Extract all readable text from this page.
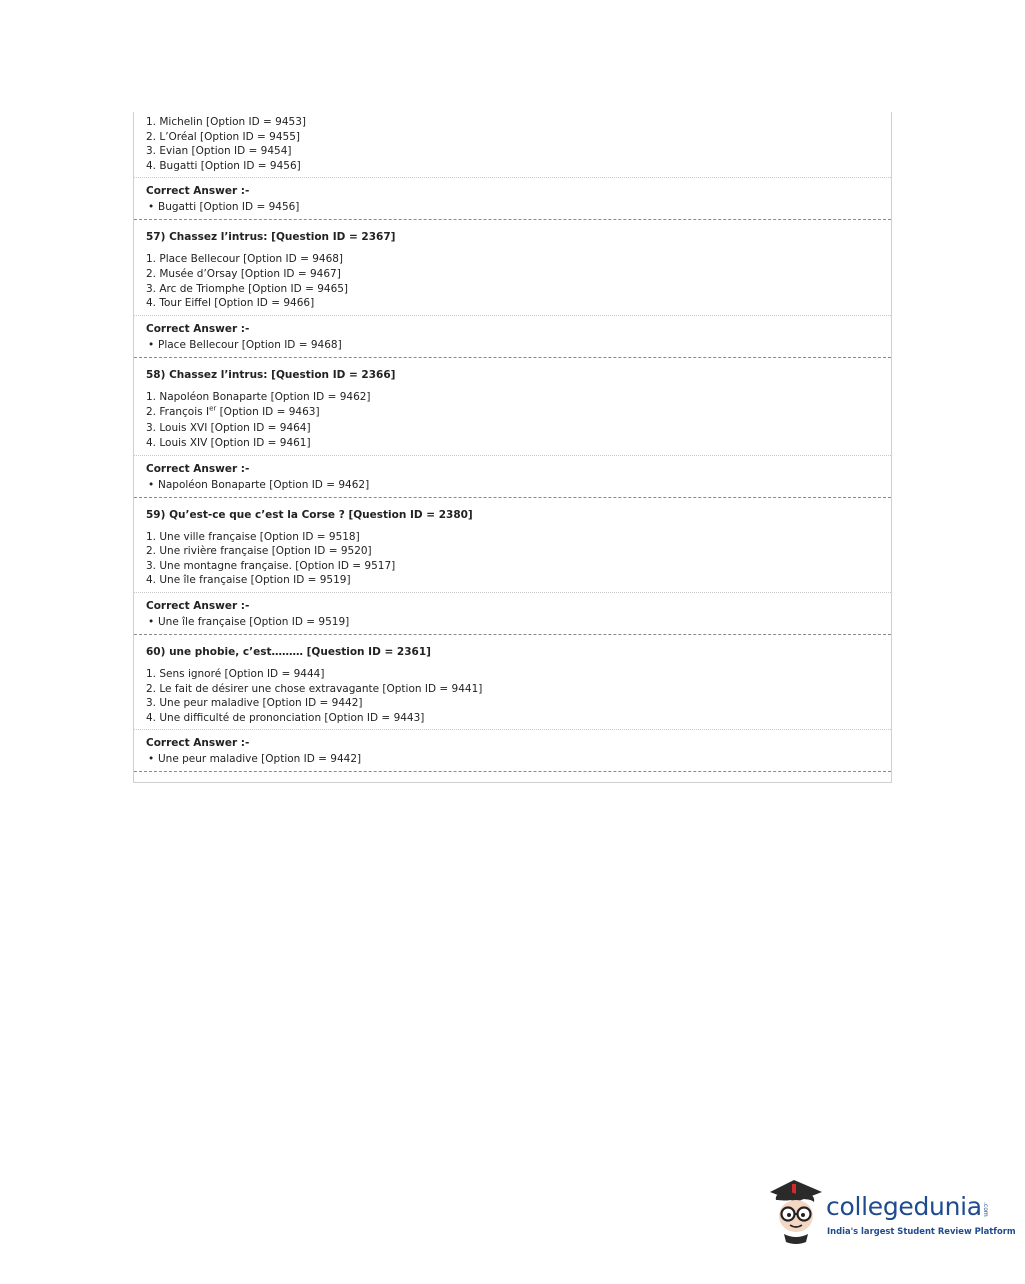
1. Michelin [Option ID = 9453]
2. L’Oréal [Option ID = 9455]
3. Evian [Option ID = 9454]
4. Bugatti [Option ID = 9456]
Correct Answer :-
• Bugatti [Option ID = 9456]
57) Chassez l’intrus: [Question ID = 2367]
1. Place Bellecour [Option ID = 9468]
2. Musée d’Orsay [Option ID = 9467]
3. Arc de Triomphe [Option ID = 9465]
4. Tour Eiffel [Option ID = 9466]
Correct Answer :-
• Place Bellecour [Option ID = 9468]
58) Chassez l’intrus: [Question ID = 2366]
1. Napoléon Bonaparte [Option ID = 9462]
2. François Ier [Option ID = 9463]
3. Louis XVI [Option ID = 9464]
4. Louis XIV [Option ID = 9461]
Correct Answer :-
• Napoléon Bonaparte [Option ID = 9462]
59) Qu’est-ce que c’est la Corse ? [Question ID = 2380]
1. Une ville française [Option ID = 9518]
2. Une rivière française [Option ID = 9520]
3. Une montagne française. [Option ID = 9517]
4. Une île française [Option ID = 9519]
Correct Answer :-
• Une île française [Option ID = 9519]
60) une phobie, c’est……… [Question ID = 2361]
1. Sens ignoré [Option ID = 9444]
2. Le fait de désirer une chose extravagante [Option ID = 9441]
3. Une peur maladive [Option ID = 9442]
4. Une difficulté de prononciation [Option ID = 9443]
Correct Answer :-
• Une peur maladive [Option ID = 9442]
collegedunia .com
India's largest Student Review Platform
